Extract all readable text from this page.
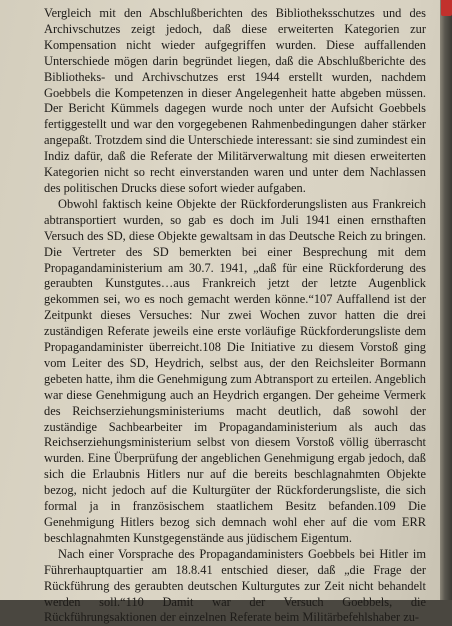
Vergleich mit den Abschlußberichten des Bibliotheksschutzes und des Archivschutzes zeigt jedoch, daß diese erweiterten Kategorien zur Kompensation nicht wieder aufgegriffen wurden. Diese auffallenden Unterschiede mögen darin begründet liegen, daß die Abschlußberichte des Bibliotheks- und Archivschutzes erst 1944 erstellt wurden, nachdem Goebbels die Kompetenzen in dieser Angelegenheit hatte abgeben müssen. Der Bericht Kümmels dagegen wurde noch unter der Aufsicht Goebbels fertiggestellt und war den vorgegebenen Rahmenbedingungen daher stärker angepaßt. Trotzdem sind die Unterschiede interessant: sie sind zumindest ein Indiz dafür, daß die Referate der Militärverwaltung mit diesen erweiterten Kategorien nicht so recht einverstanden waren und unter dem Nachlassen des politischen Drucks diese sofort wieder aufgaben.

Obwohl faktisch keine Objekte der Rückforderungslisten aus Frankreich abtransportiert wurden, so gab es doch im Juli 1941 einen ernsthaften Versuch des SD, diese Objekte gewaltsam in das Deutsche Reich zu bringen. Die Vertreter des SD bemerkten bei einer Besprechung mit dem Propagandaministerium am 30.7. 1941, „daß für eine Rückforderung des geraubten Kunstgutes…aus Frankreich jetzt der letzte Augenblick gekommen sei, wo es noch gemacht werden könne.“107 Auffallend ist der Zeitpunkt dieses Versuches: Nur zwei Wochen zuvor hatten die drei zuständigen Referate jeweils eine erste vorläufige Rückforderungsliste dem Propagandaminister überreicht.108 Die Initiative zu diesem Vorstoß ging vom Leiter des SD, Heydrich, selbst aus, der den Reichsleiter Bormann gebeten hatte, ihm die Genehmigung zum Abtransport zu erteilen. Angeblich war diese Genehmigung auch an Heydrich ergangen. Der geheime Vermerk des Reichserziehungsministeriums macht deutlich, daß sowohl der zuständige Sachbearbeiter im Propagandaministerium als auch das Reichserziehungsministerium selbst von diesem Vorstoß völlig überrascht wurden. Eine Überprüfung der angeblichen Genehmigung ergab jedoch, daß sich die Erlaubnis Hitlers nur auf die bereits beschlagnahmten Objekte bezog, nicht jedoch auf die Kulturgüter der Rückforderungsliste, die sich formal ja in französischem staatlichem Besitz befanden.109 Die Genehmigung Hitlers bezog sich demnach wohl eher auf die vom ERR beschlagnahmten Kunstgegenstände aus jüdischem Eigentum.

Nach einer Vorsprache des Propagandaministers Goebbels bei Hitler im Führerhauptquartier am 18.8.41 entschied dieser, daß „die Frage der Rückführung des geraubten deutschen Kulturgutes zur Zeit nicht behandelt werden soll.“110 Damit war der Versuch Goebbels, die Rückführungsaktionen der einzelnen Referate beim Militärbefehlshaber zu-
